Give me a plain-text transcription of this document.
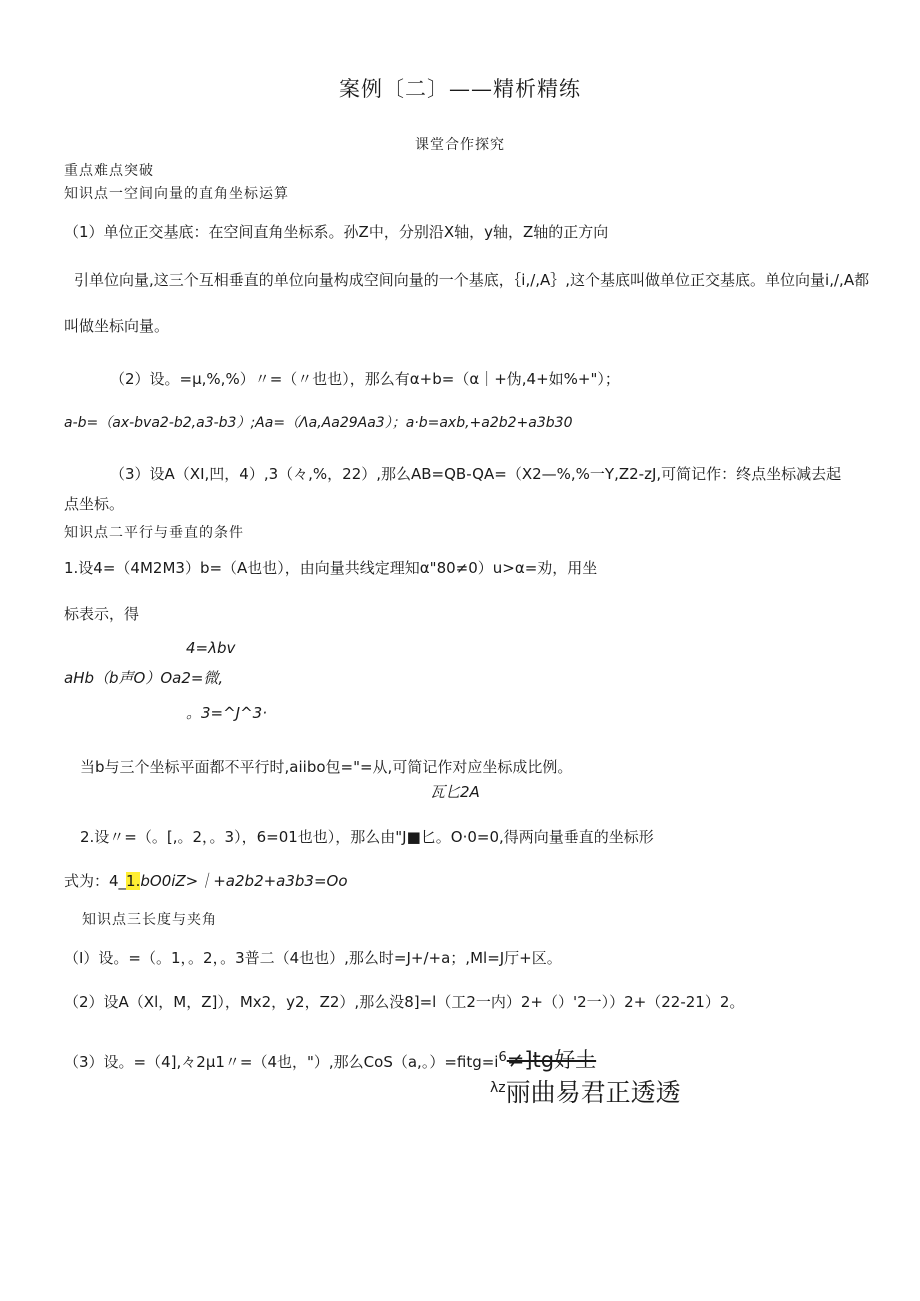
案例〔二〕——精析精练
课堂合作探究
重点难点突破
知识点一空间向量的直角坐标运算
（1）单位正交基底：在空间直角坐标系。孙Z中，分别沿X轴，y轴，Z轴的正方向
引单位向量,这三个互相垂直的单位向量构成空间向量的一个基底，｛i,/,A｝,这个基底叫做单位正交基底。单位向量i,/,A都
叫做坐标向量。
（2）设。=μ,%,%）〃=（〃也也），那么有α+b=（α｜+伪,4+如%+"）；
a-b=（ax-bva2-b2,a3-b3）;Aa=（Λa,Aa29Aa3）；a·b=axb,+a2b2+a3b30
（3）设A（XI,凹，4）,3（々,%，22）,那么AB=QB-QA=（X2—%,%一Y,Z2-zJ,可简记作：终点坐标减去起
点坐标。
知识点二平行与垂直的条件
1.设4=（4M2M3）b=（A也也），由向量共线定理知α"80≠0）u>α=劝，用坐
标表示，得
4=λbv
aHb（b声O）Oa2=微,
。3=^J^3·
当b与三个坐标平面都不平行时,aiibo包="=从,可简记作对应坐标成比例。
瓦匕2A
2.设〃=（。[,。2，。3），6=01也也），那么由"J■匕。O·0=0,得两向量垂直的坐标形
式为：4_1.bO0iZ>｜+a2b2+a3b3=Oo
知识点三长度与夹角
（I）设。=（。1，。2，。3普二（4也也）,那么时=J+/+a；,Ml=J厅+区。
（2）设A（Xl，M，Z]），Mx2，y2，Z2）,那么没8]=l（工2一内）2+（）'2一））2+（22-21）2。
（3）设。=（4],々2μ1〃=（4也，"）,那么CoS（a,。）$=fitg=i^6\ne]tg$好土
λz丽曲易君正透透
